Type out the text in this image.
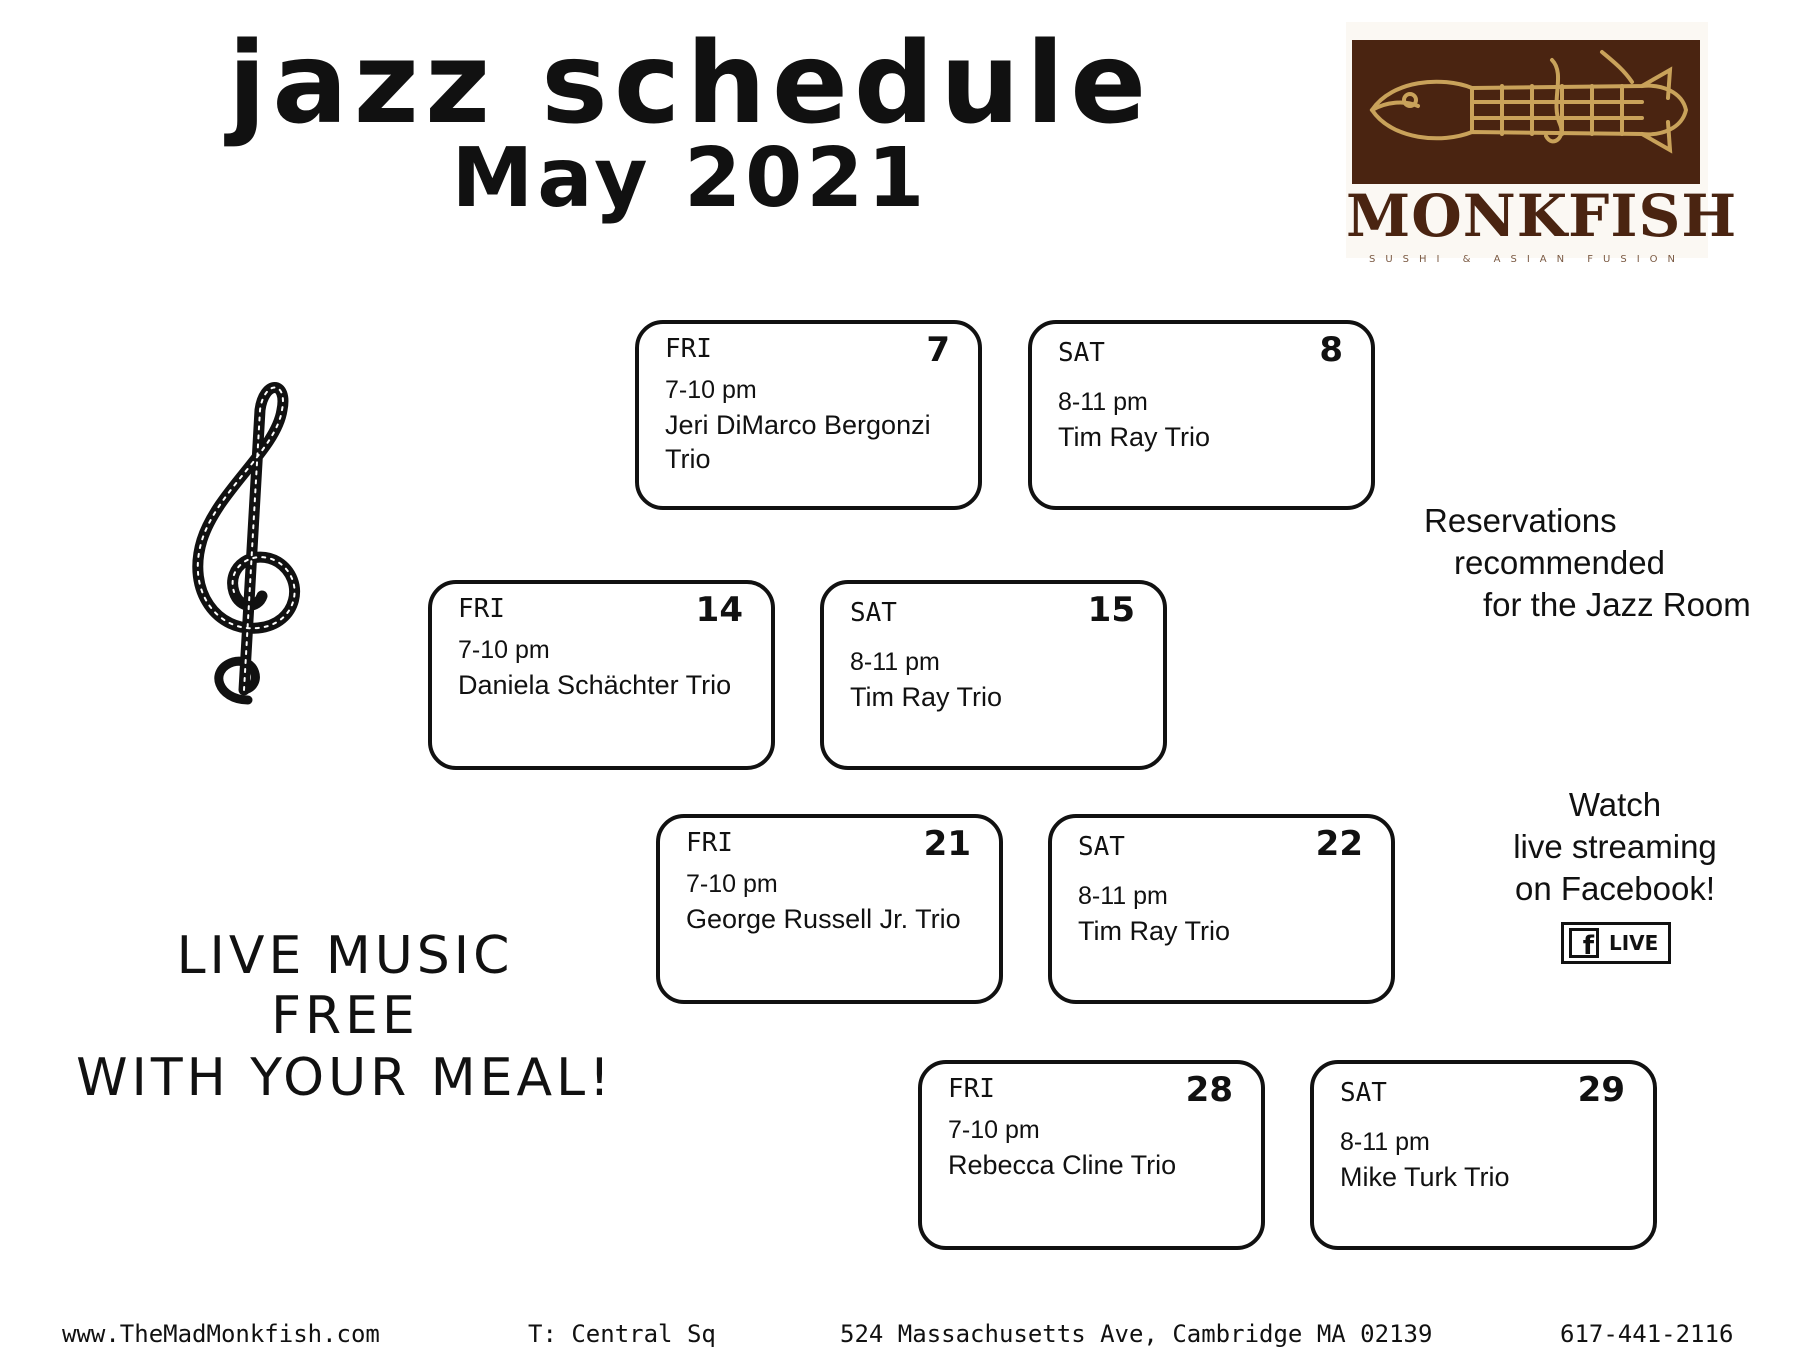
jazz schedule
May 2021	MONKFISH
SUSHI & ASIAN FUSION
FRI	7
7-10 pm
Jeri DiMarco Bergonzi Trio
SAT	8
8-11 pm
Tim Ray Trio
FRI	14
7-10 pm
Daniela Schächter Trio
SAT	15
8-11 pm
Tim Ray Trio
FRI	21
7-10 pm
George Russell Jr. Trio
SAT	22
8-11 pm
Tim Ray Trio
FRI	28
7-10 pm
Rebecca Cline Trio
SAT	29
8-11 pm
Mike Turk Trio
Reservations
recommended
for the Jazz Room
Watch
live streaming
on Facebook!
f LIVE
LIVE MUSIC
FREE
WITH YOUR MEAL!
www.TheMadMonkfish.com	T: Central Sq	524 Massachusetts Ave, Cambridge MA 02139	617-441-2116
